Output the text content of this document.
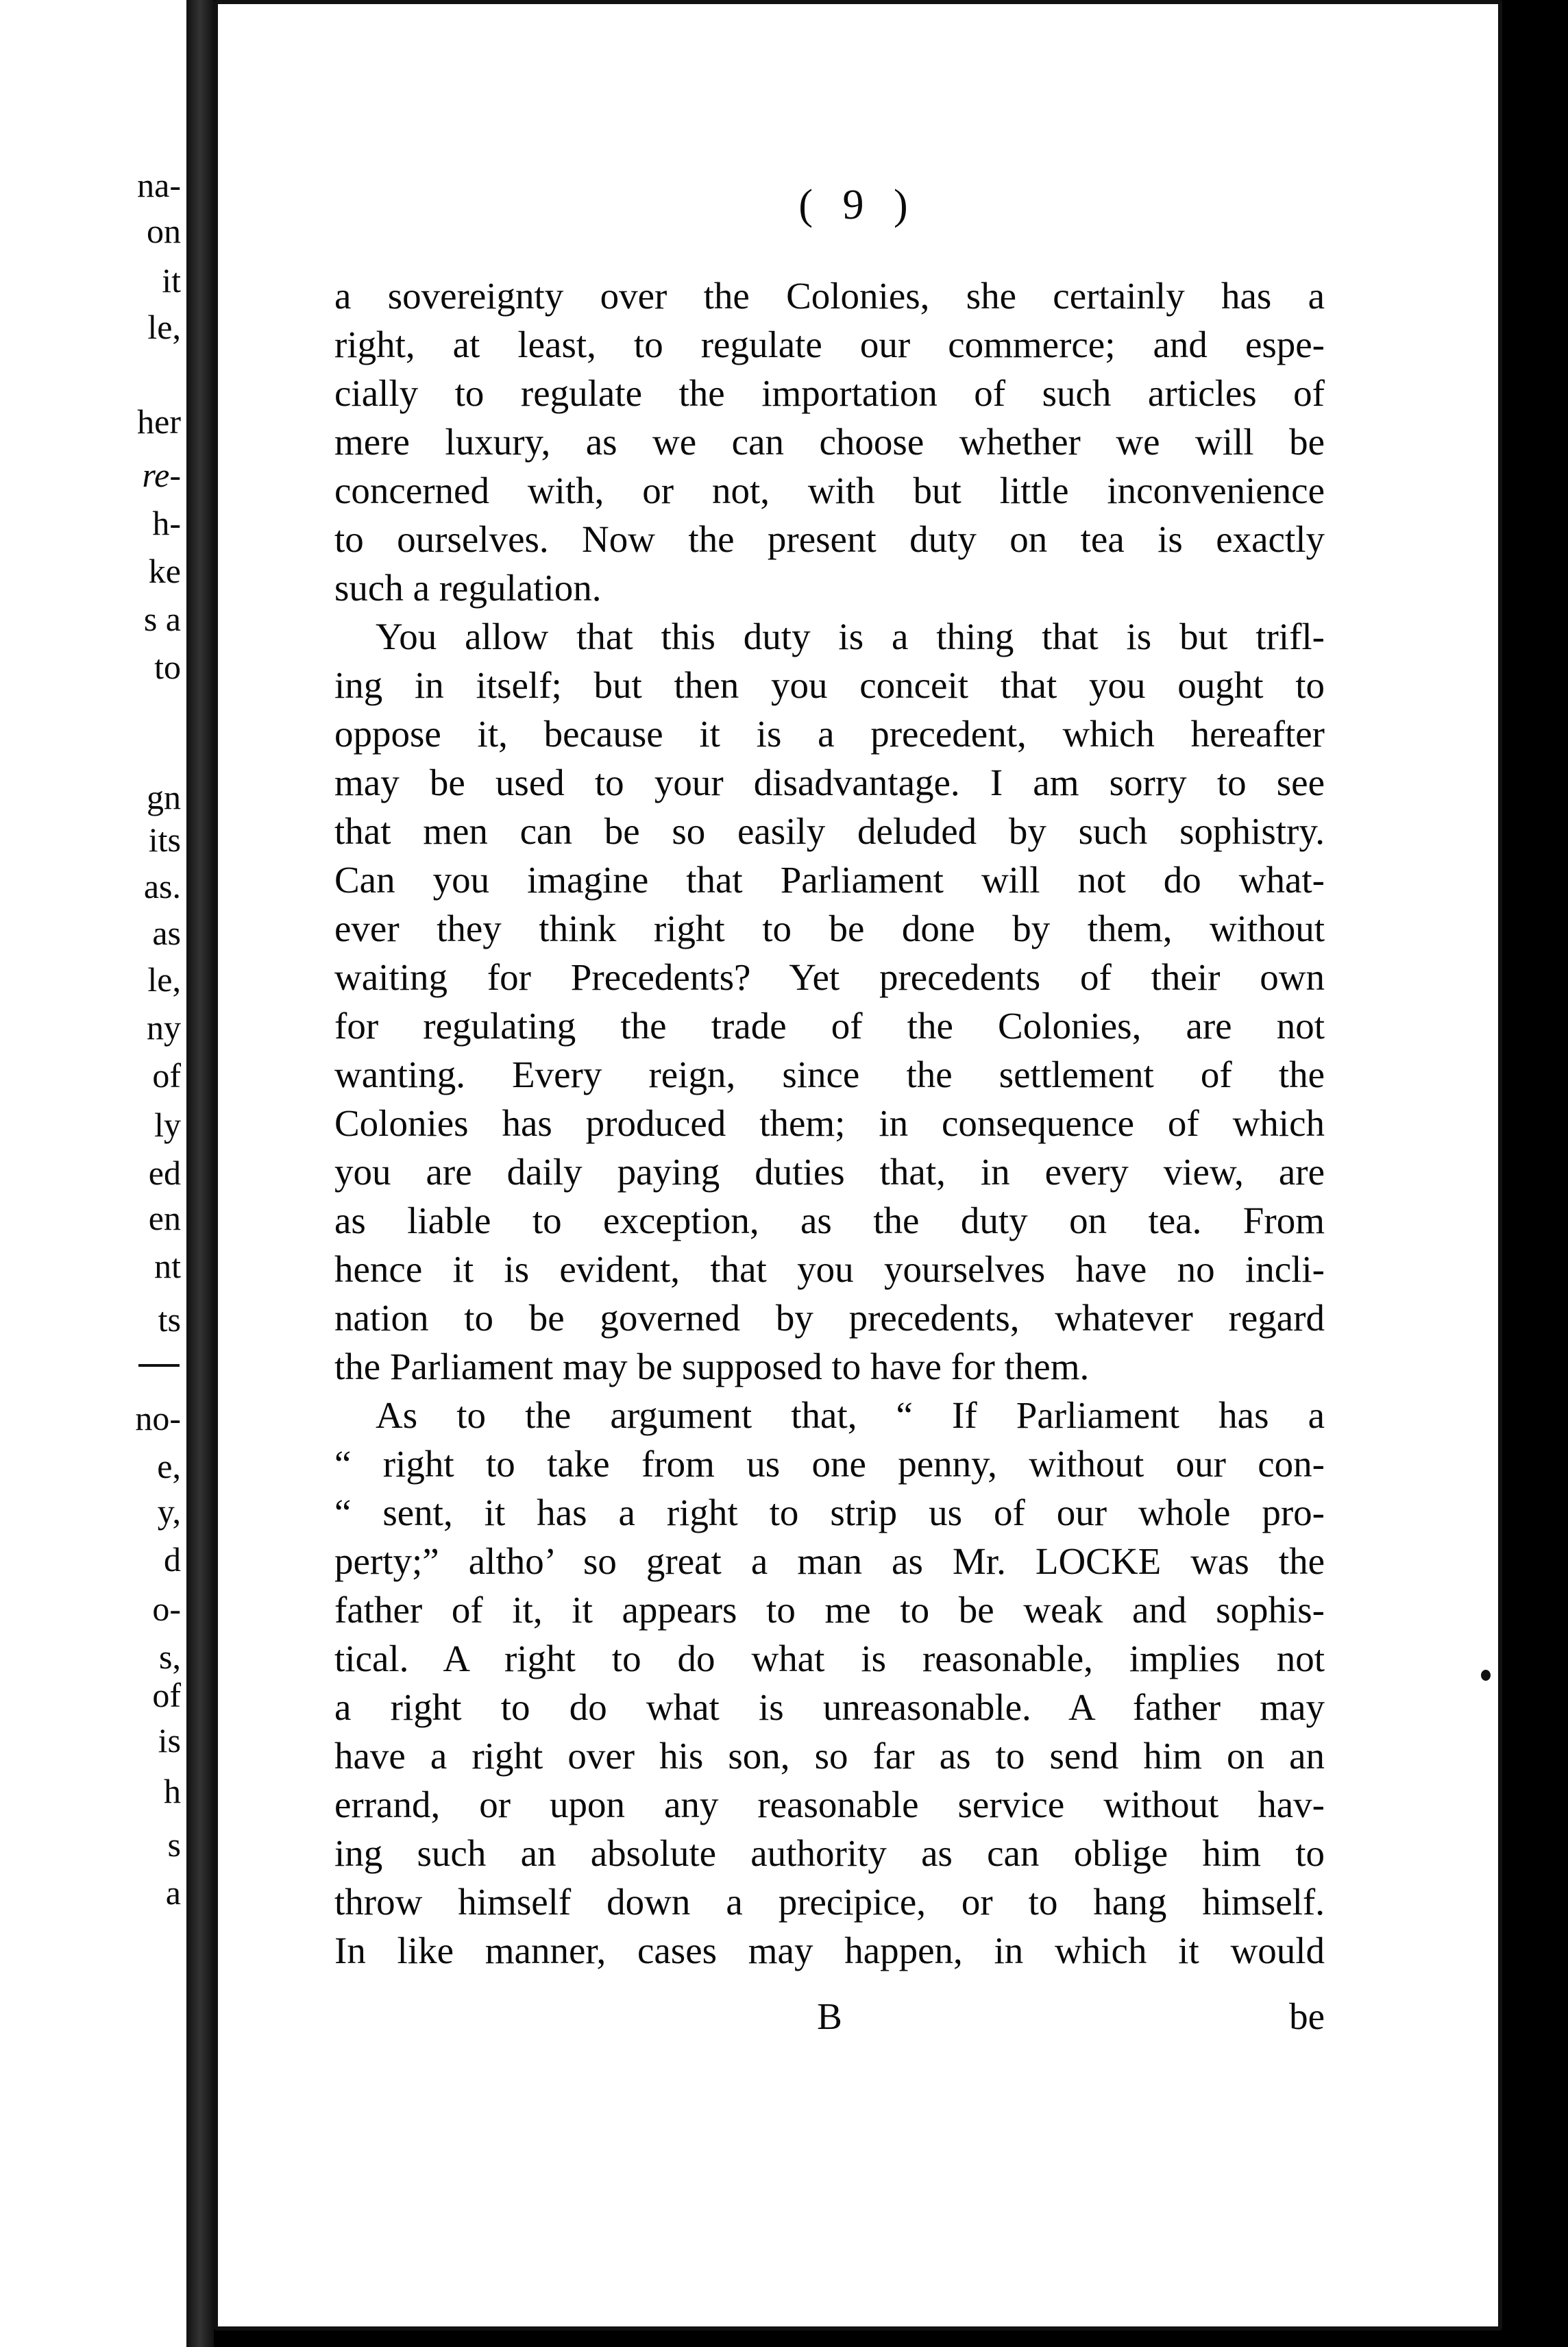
na-
on
it
le,
her
re-
h-
ke
s a
to
gn
its
as.
as
le,
ny
of
ly
ed
en
nt
ts
no-
e,
y,
d
o-
s,
of
is
h
s
a
( 9 )
a sovereignty over the Colonies, she certainly has a
right, at least, to regulate our commerce; and espe-
cially to regulate the importation of such articles of
mere luxury, as we can choose whether we will be
concerned with, or not, with but little inconvenience
to ourselves. Now the present duty on tea is exactly
such a regulation.
You allow that this duty is a thing that is but trifl-
ing in itself; but then you conceit that you ought to
oppose it, because it is a precedent, which hereafter
may be used to your disadvantage. I am sorry to see
that men can be so easily deluded by such sophistry.
Can you imagine that Parliament will not do what-
ever they think right to be done by them, without
waiting for Precedents? Yet precedents of their own
for regulating the trade of the Colonies, are not
wanting. Every reign, since the settlement of the
Colonies has produced them; in consequence of which
you are daily paying duties that, in every view, are
as liable to exception, as the duty on tea. From
hence it is evident, that you yourselves have no incli-
nation to be governed by precedents, whatever regard
the Parliament may be supposed to have for them.
As to the argument that, “ If Parliament has a
“ right to take from us one penny, without our con-
“ sent, it has a right to strip us of our whole pro-
perty;” altho’ so great a man as Mr. LOCKE was the
father of it, it appears to me to be weak and sophis-
tical. A right to do what is reasonable, implies not
a right to do what is unreasonable. A father may
have a right over his son, so far as to send him on an
errand, or upon any reasonable service without hav-
ing such an absolute authority as can oblige him to
throw himself down a precipice, or to hang himself.
In like manner, cases may happen, in which it would
B	be
